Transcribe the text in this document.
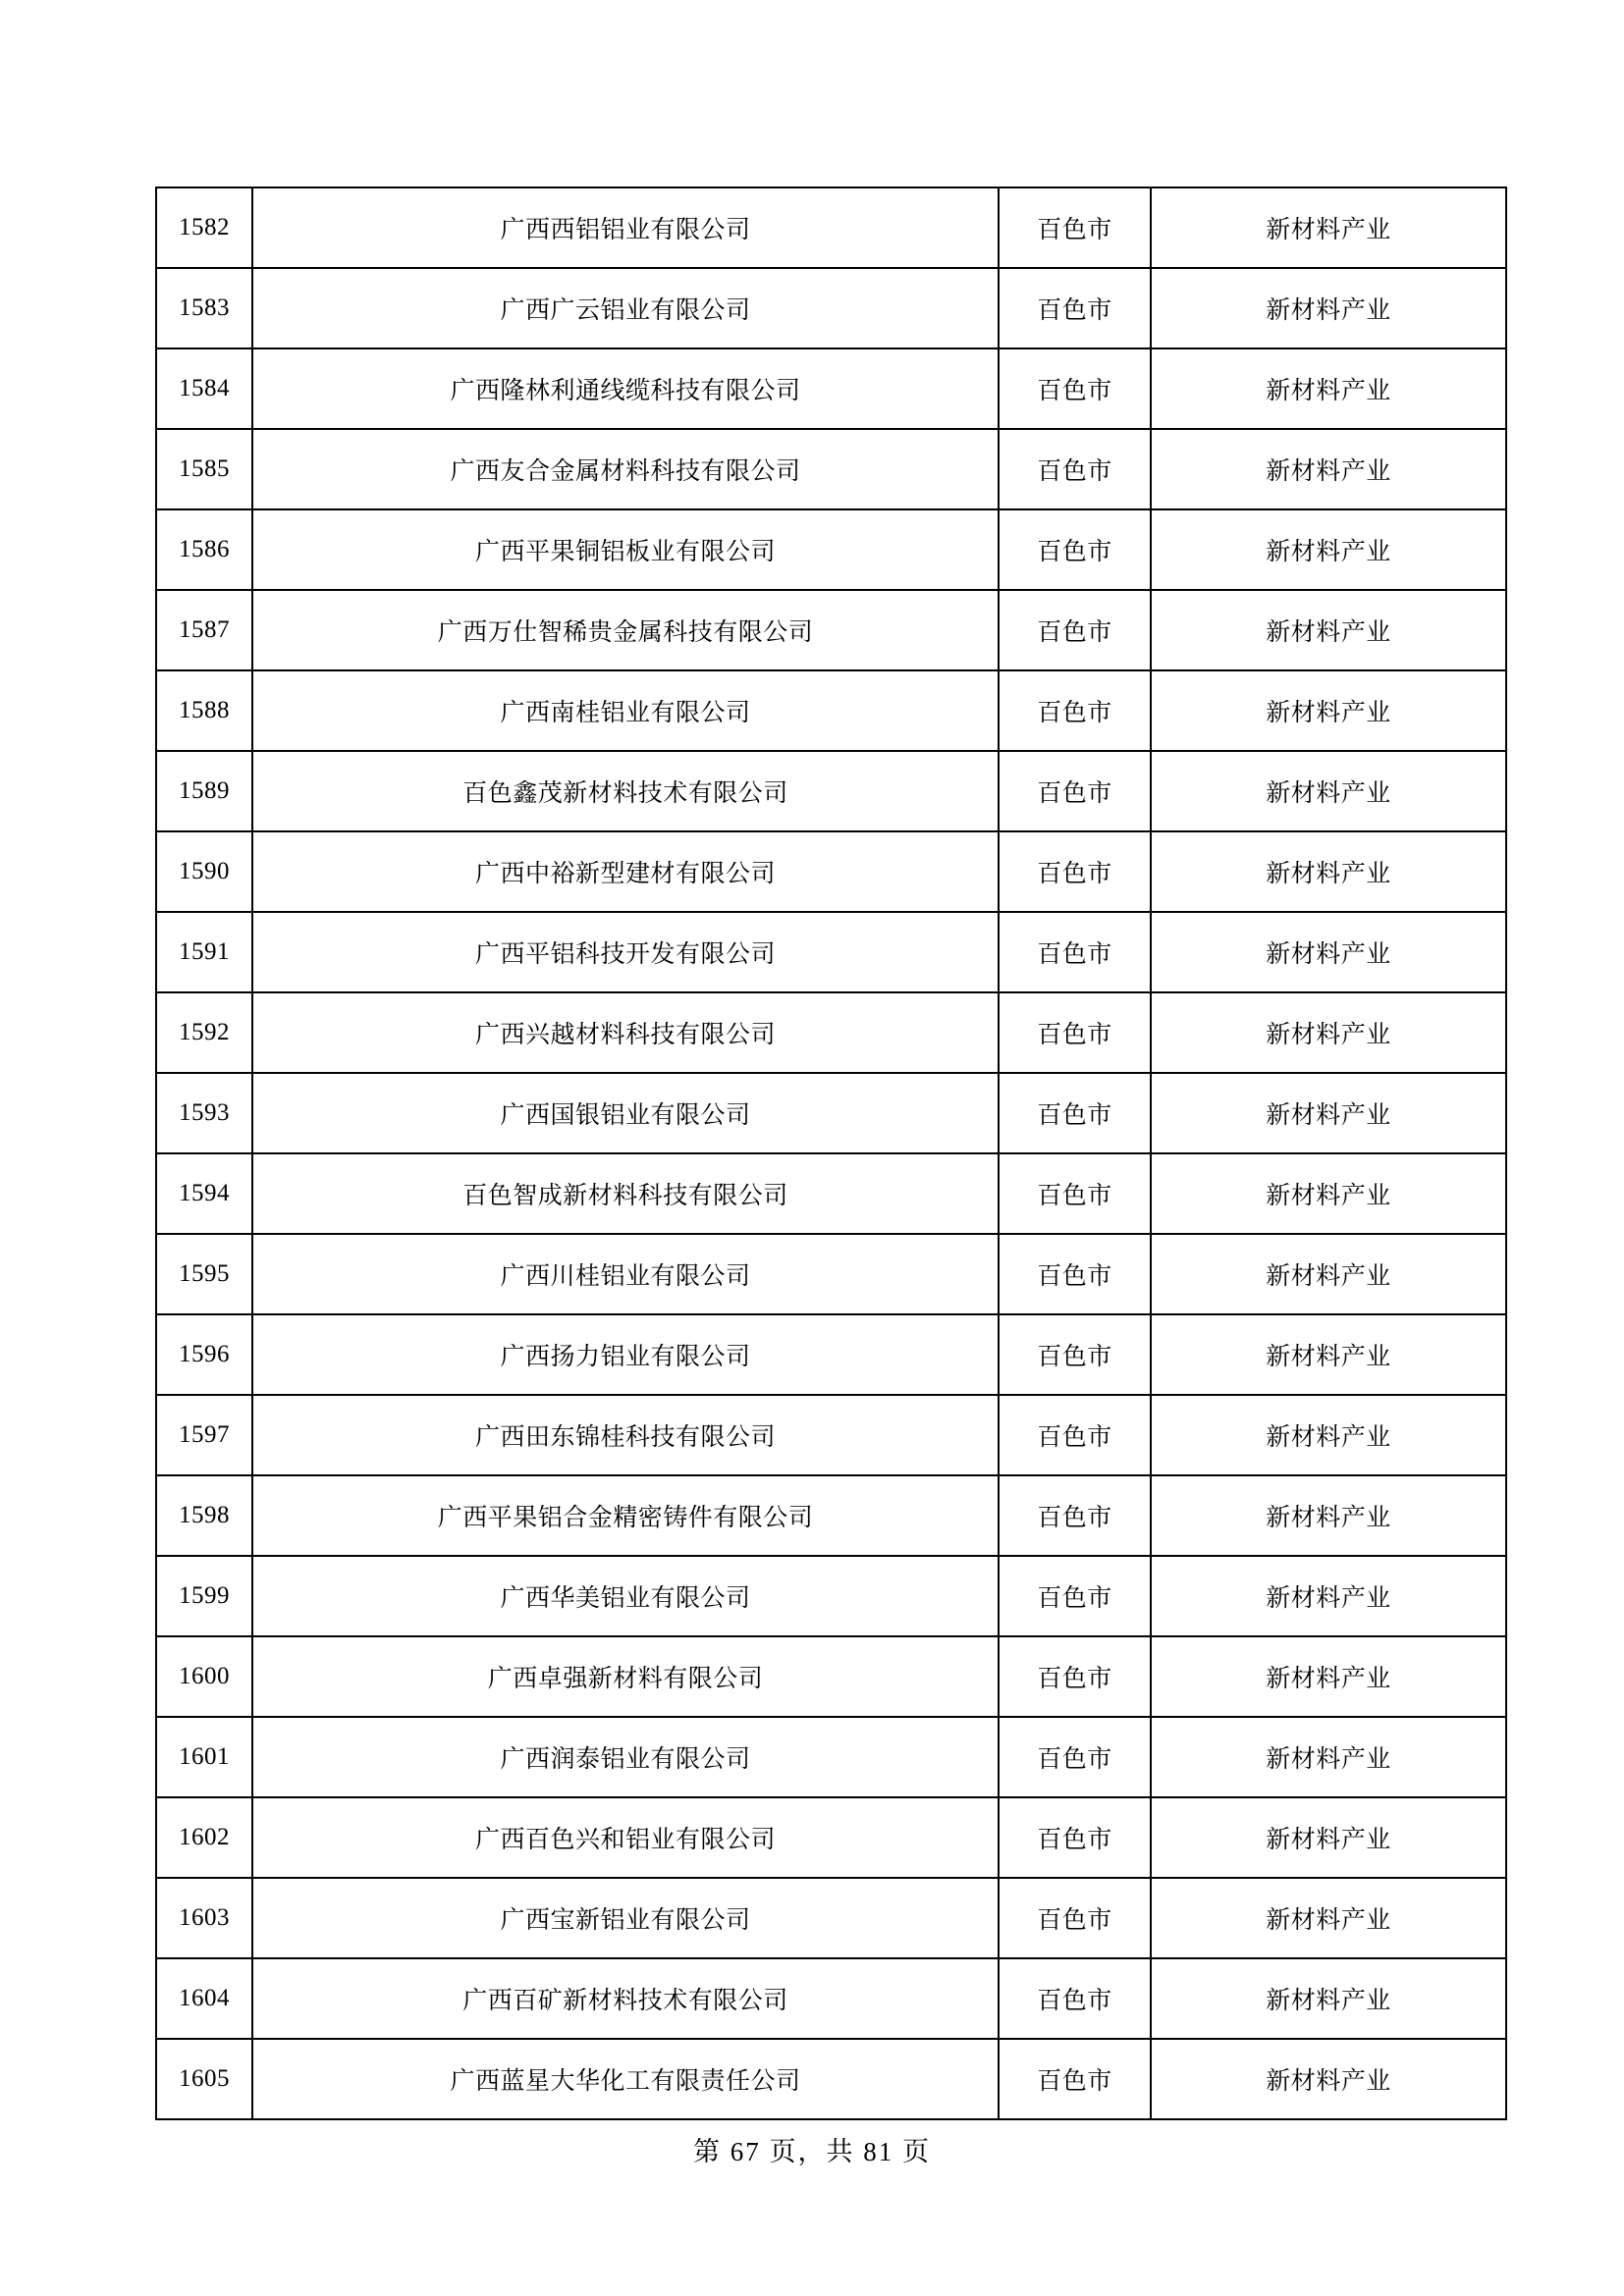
1582	广西西铝铝业有限公司	百色市	新材料产业
1583	广西广云铝业有限公司	百色市	新材料产业
1584	广西隆林利通线缆科技有限公司	百色市	新材料产业
1585	广西友合金属材料科技有限公司	百色市	新材料产业
1586	广西平果铜铝板业有限公司	百色市	新材料产业
1587	广西万仕智稀贵金属科技有限公司	百色市	新材料产业
1588	广西南桂铝业有限公司	百色市	新材料产业
1589	百色鑫茂新材料技术有限公司	百色市	新材料产业
1590	广西中裕新型建材有限公司	百色市	新材料产业
1591	广西平铝科技开发有限公司	百色市	新材料产业
1592	广西兴越材料科技有限公司	百色市	新材料产业
1593	广西国银铝业有限公司	百色市	新材料产业
1594	百色智成新材料科技有限公司	百色市	新材料产业
1595	广西川桂铝业有限公司	百色市	新材料产业
1596	广西扬力铝业有限公司	百色市	新材料产业
1597	广西田东锦桂科技有限公司	百色市	新材料产业
1598	广西平果铝合金精密铸件有限公司	百色市	新材料产业
1599	广西华美铝业有限公司	百色市	新材料产业
1600	广西卓强新材料有限公司	百色市	新材料产业
1601	广西润泰铝业有限公司	百色市	新材料产业
1602	广西百色兴和铝业有限公司	百色市	新材料产业
1603	广西宝新铝业有限公司	百色市	新材料产业
1604	广西百矿新材料技术有限公司	百色市	新材料产业
1605	广西蓝星大华化工有限责任公司	百色市	新材料产业
第 67 页，共 81 页
